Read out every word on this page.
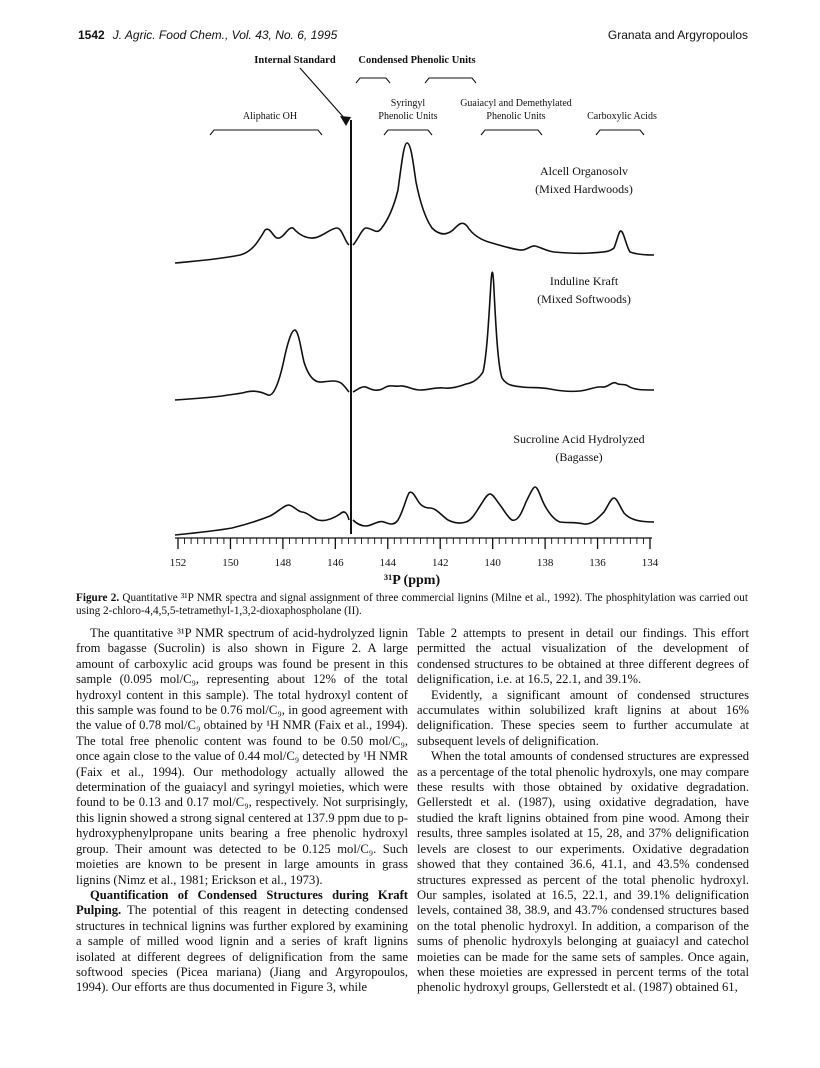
1542 J. Agric. Food Chem., Vol. 43, No. 6, 1995	Granata and Argyropoulos
Internal Standard Condensed Phenolic Units
Syringyl
Phenolic Units
Guaiacyl and Demethylated
Phenolic Units
Aliphatic OH	Carboxylic Acids
Alcell Organosolv
(Mixed Hardwoods)
Induline Kraft
(Mixed Softwoods)
Sucroline Acid Hydrolyzed
(Bagasse)
152	150	148	146	144	142	140	138	136	134
³¹P (ppm)
Figure 2. Quantitative ³¹P NMR spectra and signal assignment of three commercial lignins (Milne et al., 1992). The phosphitylation was carried out using 2-chloro-4,4,5,5-tetramethyl-1,3,2-dioxaphospholane (II).

The quantitative ³¹P NMR spectrum of acid-hydrolyzed lignin from bagasse (Sucrolin) is also shown in Figure 2. A large amount of carboxylic acid groups was found be present in this sample (0.095 mol/C₉, representing about 12% of the total hydroxyl content in this sample). The total hydroxyl content of this sample was found to be 0.76 mol/C₉, in good agreement with the value of 0.78 mol/C₉ obtained by ¹H NMR (Faix et al., 1994). The total free phenolic content was found to be 0.50 mol/C₉, once again close to the value of 0.44 mol/C₉ detected by ¹H NMR (Faix et al., 1994). Our methodology actually allowed the determination of the guaiacyl and syringyl moieties, which were found to be 0.13 and 0.17 mol/C₉, respectively. Not surprisingly, this lignin showed a strong signal centered at 137.9 ppm due to p-hydroxyphenylpropane units bearing a free phenolic hydroxyl group. Their amount was detected to be 0.125 mol/C₉. Such moieties are known to be present in large amounts in grass lignins (Nimz et al., 1981; Erickson et al., 1973).

Quantification of Condensed Structures during Kraft Pulping. The potential of this reagent in detecting condensed structures in technical lignins was further explored by examining a sample of milled wood lignin and a series of kraft lignins isolated at different degrees of delignification from the same softwood species (Picea mariana) (Jiang and Argyropoulos, 1994). Our efforts are thus documented in Figure 3, while

Table 2 attempts to present in detail our findings. This effort permitted the actual visualization of the development of condensed structures to be obtained at three different degrees of delignification, i.e. at 16.5, 22.1, and 39.1%.

Evidently, a significant amount of condensed structures accumulates within solubilized kraft lignins at about 16% delignification. These species seem to further accumulate at subsequent levels of delignification.

When the total amounts of condensed structures are expressed as a percentage of the total phenolic hydroxyls, one may compare these results with those obtained by oxidative degradation. Gellerstedt et al. (1987), using oxidative degradation, have studied the kraft lignins obtained from pine wood. Among their results, three samples isolated at 15, 28, and 37% delignification levels are closest to our experiments. Oxidative degradation showed that they contained 36.6, 41.1, and 43.5% condensed structures expressed as percent of the total phenolic hydroxyl. Our samples, isolated at 16.5, 22.1, and 39.1% delignification levels, contained 38, 38.9, and 43.7% condensed structures based on the total phenolic hydroxyl. In addition, a comparison of the sums of phenolic hydroxyls belonging at guaiacyl and catechol moieties can be made for the same sets of samples. Once again, when these moieties are expressed in percent terms of the total phenolic hydroxyl groups, Gellerstedt et al. (1987) obtained 61,
